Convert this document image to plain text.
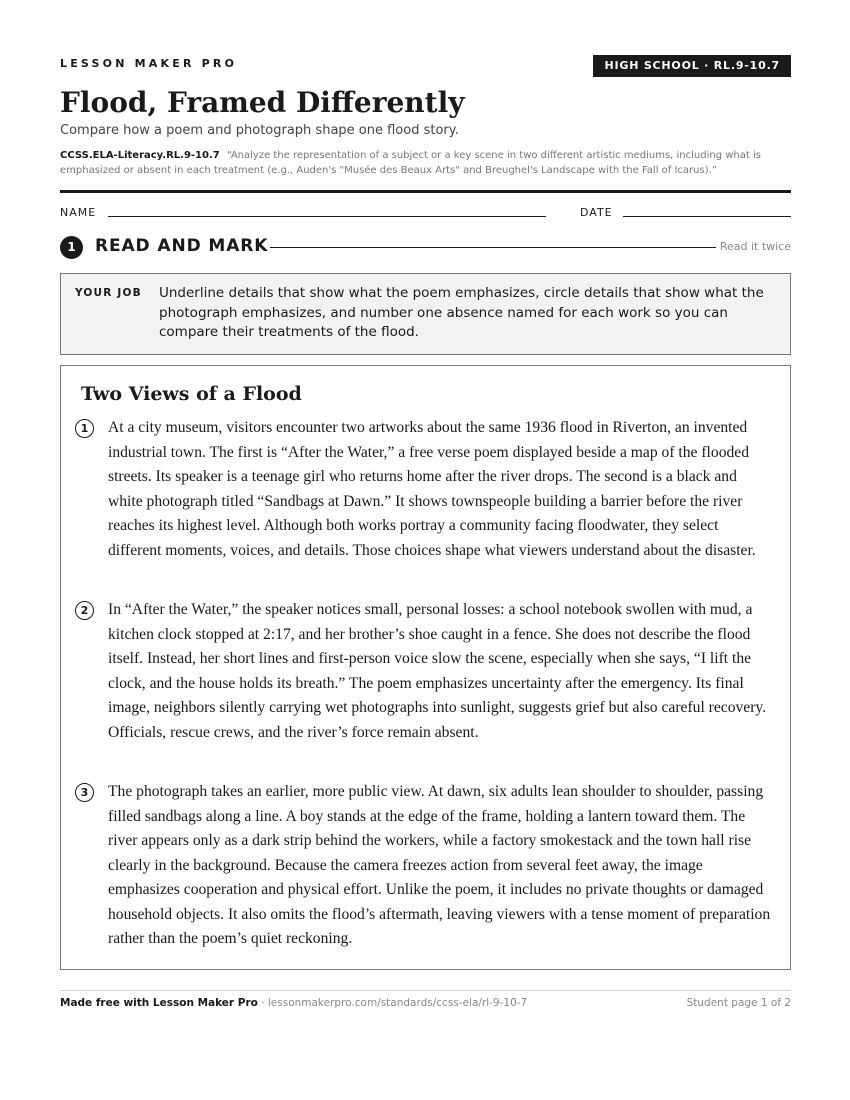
LESSON MAKER PRO	HIGH SCHOOL · RL.9-10.7
Flood, Framed Differently
Compare how a poem and photograph shape one flood story.
CCSS.ELA-Literacy.RL.9-10.7 “Analyze the representation of a subject or a key scene in two different artistic mediums, including what is emphasized or absent in each treatment (e.g., Auden's "Musée des Beaux Arts" and Breughel's Landscape with the Fall of Icarus).”
NAME	DATE
1	READ AND MARK	Read it twice
YOUR JOB Underline details that show what the poem emphasizes, circle details that show what the photograph emphasizes, and number one absence named for each work so you can compare their treatments of the flood.
Two Views of a Flood
1	At a city museum, visitors encounter two artworks about the same 1936 flood in Riverton, an invented industrial town. The first is “After the Water,” a free verse poem displayed beside a map of the flooded streets. Its speaker is a teenage girl who returns home after the river drops. The second is a black and white photograph titled “Sandbags at Dawn.” It shows townspeople building a barrier before the river reaches its highest level. Although both works portray a community facing floodwater, they select different moments, voices, and details. Those choices shape what viewers understand about the disaster.
2	In “After the Water,” the speaker notices small, personal losses: a school notebook swollen with mud, a kitchen clock stopped at 2:17, and her brother’s shoe caught in a fence. She does not describe the flood itself. Instead, her short lines and first-person voice slow the scene, especially when she says, “I lift the clock, and the house holds its breath.” The poem emphasizes uncertainty after the emergency. Its final image, neighbors silently carrying wet photographs into sunlight, suggests grief but also careful recovery. Officials, rescue crews, and the river’s force remain absent.
3	The photograph takes an earlier, more public view. At dawn, six adults lean shoulder to shoulder, passing filled sandbags along a line. A boy stands at the edge of the frame, holding a lantern toward them. The river appears only as a dark strip behind the workers, while a factory smokestack and the town hall rise clearly in the background. Because the camera freezes action from several feet away, the image emphasizes cooperation and physical effort. Unlike the poem, it includes no private thoughts or damaged household objects. It also omits the flood’s aftermath, leaving viewers with a tense moment of preparation rather than the poem’s quiet reckoning.
Made free with Lesson Maker Pro · lessonmakerpro.com/standards/ccss-ela/rl-9-10-7	Student page 1 of 2
